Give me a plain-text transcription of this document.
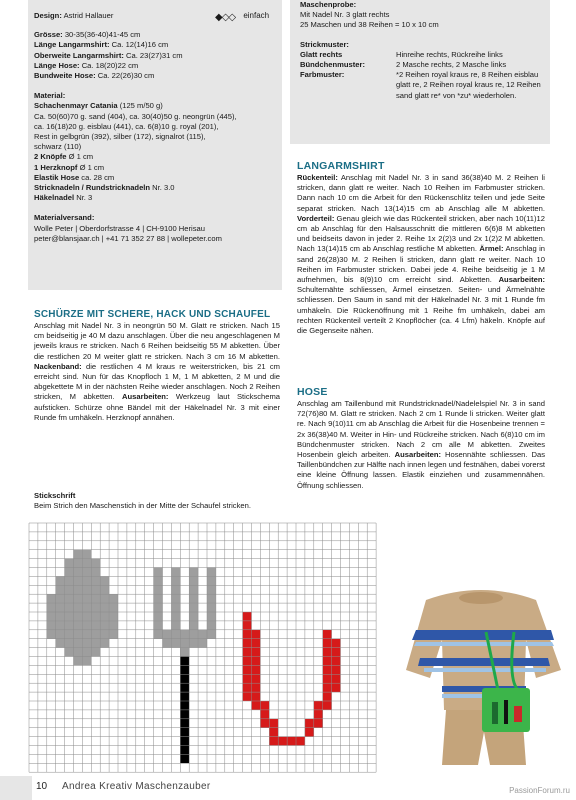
Design: Astrid Hallauer
Grösse: 30-35(36-40)41-45 cm
Länge Langarmshirt: Ca. 12(14)16 cm
Oberweite Langarmshirt: Ca. 23(27)31 cm
Länge Hose: Ca. 18(20)22 cm
Bundweite Hose: Ca. 22(26)30 cm
Material:
Schachenmayr Catania (125 m/50 g)
Ca. 50(60)70 g. sand (404), ca. 30(40)50 g. neongrün (445),
ca. 16(18)20 g. eisblau (441), ca. 6(8)10 g. royal (201),
Rest in gelbgrün (392), silber (172), signalrot (115),
schwarz (110)
2 Knöpfe Ø 1 cm
1 Herzknopf Ø 1 cm
Elastik Hose ca. 28 cm
Stricknadeln / Rundstricknadeln Nr. 3.0
Häkelnadel Nr. 3
Materialversand:
Wolle Peter | Oberdorfstrasse 4 | CH-9100 Herisau
peter@blansjaar.ch | +41 71 352 27 88 | wollepeter.com
◆◇◇ einfach
Maschenprobe:
Mit Nadel Nr. 3 glatt rechts
25 Maschen und 38 Reihen = 10 x 10 cm
Strickmuster:
Glatt rechts	Hinreihe rechts, Rückreihe links
Bündchenmuster:	2 Masche rechts, 2 Masche links
Farbmuster:	*2 Reihen royal kraus re, 8 Reihen eisblau glatt re, 2 Reihen royal kraus re, 12 Reihen sand glatt re* von *zu* wiederholen.
SCHÜRZE MIT SCHERE, HACK UND SCHAUFEL
Anschlag mit Nadel Nr. 3 in neongrün 50 M. Glatt re stricken. Nach 15 cm beidseitig je 40 M dazu anschlagen. Über die neu angeschlagenen M jeweils kraus re stricken. Nach 6 Reihen beidseitig 55 M abketten. Über die restlichen 20 M weiter glatt re stricken. Nach 3 cm 16 M abketten. Nackenband: die restlichen 4 M kraus re weiterstricken, bis 21 cm erreicht sind. Nun für das Knopfloch 1 M, 1 M abketten, 2 M und die abgekettete M in der nächsten Reihe wieder anschlagen. Noch 2 Reihen stricken, M abketten. Ausarbeiten: Werkzeug laut Stickschema aufsticken. Schürze ohne Bändel mit der Häkelnadel Nr. 3 mit einer Runde fm umhäkeln. Herzknopf annähen.
Stickschrift
Beim Strich den Maschenstich in der Mitte der Schaufel stricken.
LANGARMSHIRT
Rückenteil: Anschlag mit Nadel Nr. 3 in sand 36(38)40 M. 2 Reihen li stricken, dann glatt re weiter. Nach 10 Reihen im Farbmuster stricken. Dann nach 10 cm die Arbeit für den Rückenschlitz teilen und jede Seite separat stricken. Nach 13(14)15 cm ab Anschlag alle M abketten. Vorderteil: Genau gleich wie das Rückenteil stricken, aber nach 10(11)12 cm ab Anschlag für den Halsausschnitt die mittleren 6(6)8 M abketten und beidseits davon in jeder 2. Reihe 1x 2(2)3 und 2x 1(2)2 M abketten. Nach 13(14)15 cm ab Anschlag restliche M abketten. Ärmel: Anschlag in sand 26(28)30 M. 2 Reihen li stricken, dann glatt re weiter. Nach 10 Reihen im Farbmuster stricken. Dabei jede 4. Reihe beidseitig je 1 M aufnehmen, bis 8(9)10 cm erreicht sind. Abketten. Ausarbeiten: Schulternähte schliessen, Ärmel einsetzen. Seiten- und Ärmelnähte schliessen. Den Saum in sand mit der Häkelnadel Nr. 3 mit 1 Runde fm umhäkeln. Die Rückenöffnung mit 1 Reihe fm umhäkeln, dabei am rechten Rückenteil verteilt 2 Knopflöcher (ca. 4 Lfm) häkeln. Knöpfe auf die Gegenseite nähen.
HOSE
Anschlag am Taillenbund mit Rundstricknadel/Nadelelspiel Nr. 3 in sand 72(76)80 M. Glatt re stricken. Nach 2 cm 1 Runde li stricken. Weiter glatt re. Nach 9(10)11 cm ab Anschlag die Arbeit für die Hosenbeine trennen = 2x 36(38)40 M. Weiter in Hin- und Rückreihe stricken. Nach 6(8)10 cm im Bündchenmuster stricken. Nach 2 cm alle M abketten. Zweites Hosenbein gleich arbeiten. Ausarbeiten: Hosennähte schliessen. Das Taillenbündchen zur Hälfte nach innen legen und festnähen, dabei vorerst eine kleine Öffnung lassen. Elastik einziehen und zusammennähen. Öffnung schliessen.
10 Andrea Kreativ Maschenzauber	PassionForum.ru
